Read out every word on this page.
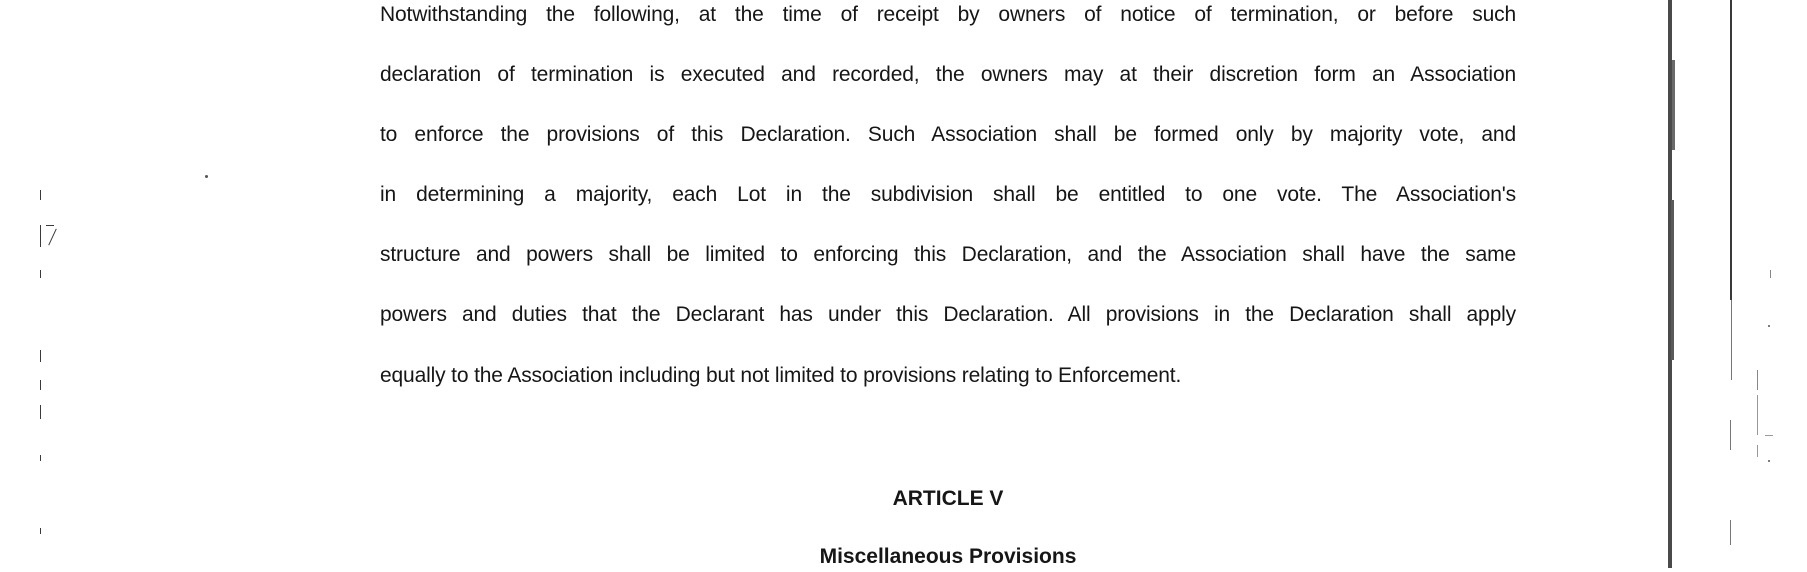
Notwithstanding the following, at the time of receipt by owners of notice of termination, or before such
declaration of termination is executed and recorded, the owners may at their discretion form an Association
to enforce the provisions of this Declaration. Such Association shall be formed only by majority vote, and
in determining a majority, each Lot in the subdivision shall be entitled to one vote. The Association's
structure and powers shall be limited to enforcing this Declaration, and the Association shall have the same
powers and duties that the Declarant has under this Declaration. All provisions in the Declaration shall apply
equally to the Association including but not limited to provisions relating to Enforcement.
ARTICLE V
Miscellaneous Provisions
